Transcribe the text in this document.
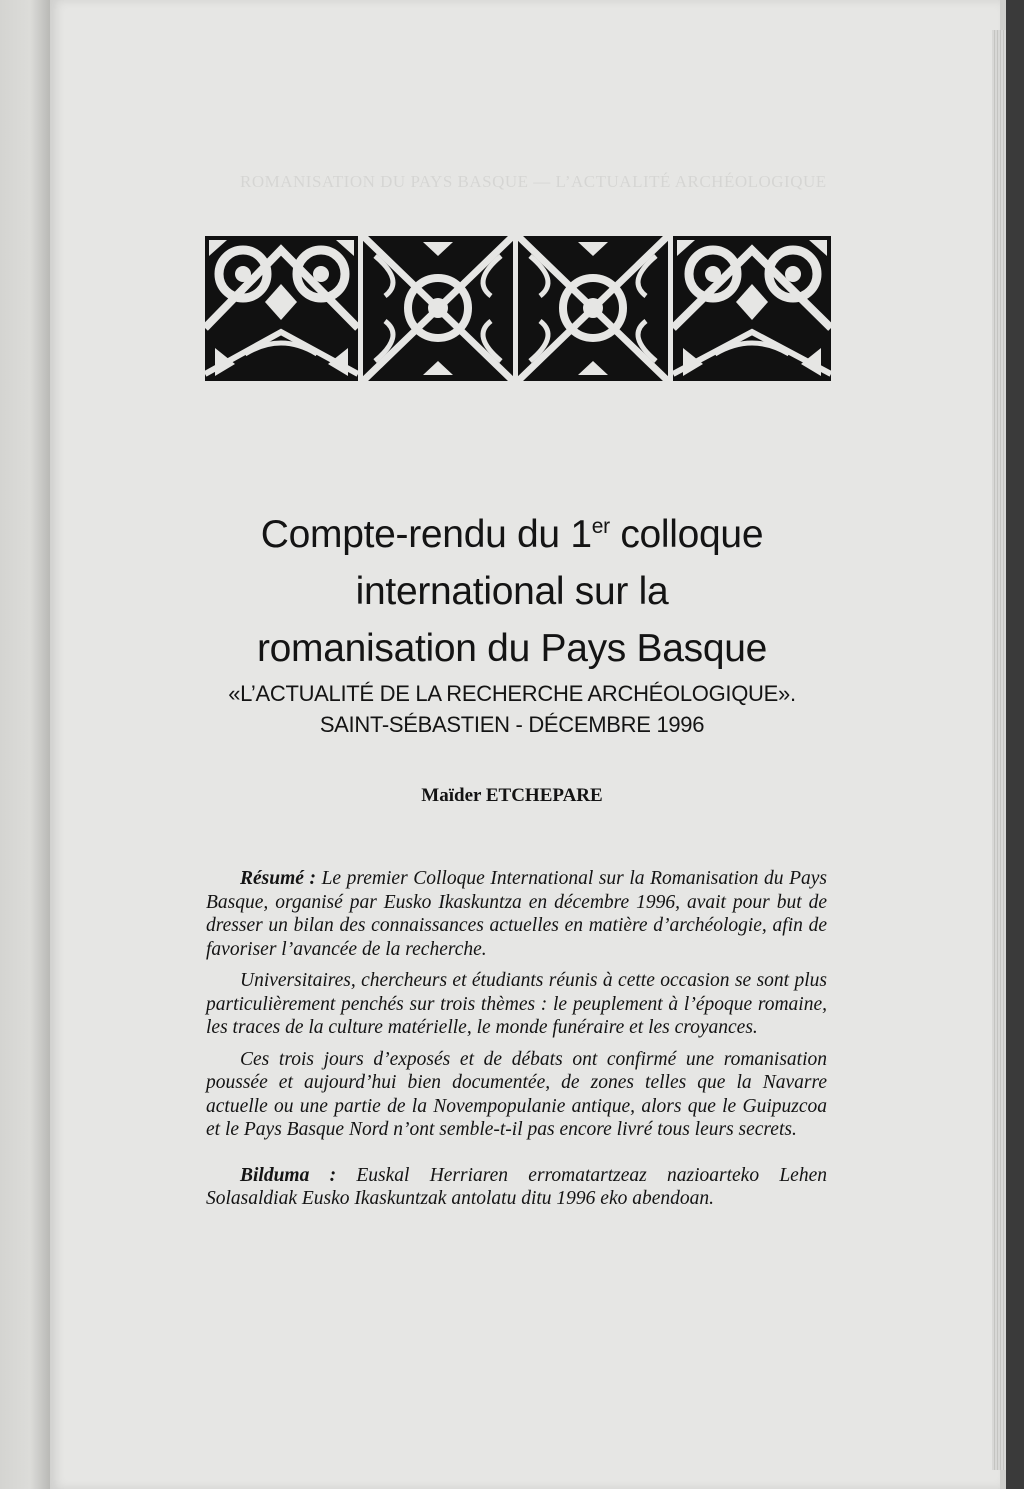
ROMANISATION DU PAYS BASQUE — L’ACTUALITÉ ARCHÉOLOGIQUE
Compte-rendu du 1er colloque
international sur la
romanisation du Pays Basque
«L’ACTUALITÉ DE LA RECHERCHE ARCHÉOLOGIQUE».
SAINT-SÉBASTIEN - DÉCEMBRE 1996
Maïder ETCHEPARE

Résumé : Le premier Colloque International sur la Romanisation du Pays Basque, organisé par Eusko Ikaskuntza en décembre 1996, avait pour but de dresser un bilan des connaissances actuelles en matière d’archéologie, afin de favoriser l’avancée de la recherche.

Universitaires, chercheurs et étudiants réunis à cette occasion se sont plus particulièrement penchés sur trois thèmes : le peuplement à l’époque romaine, les traces de la culture matérielle, le monde funéraire et les croyances.

Ces trois jours d’exposés et de débats ont confirmé une romanisation poussée et aujourd’hui bien documentée, de zones telles que la Navarre actuelle ou une partie de la Novempopulanie antique, alors que le Guipuzcoa et le Pays Basque Nord n’ont semble-t-il pas encore livré tous leurs secrets.

Bilduma : Euskal Herriaren erromatartzeaz nazioarteko Lehen Solasaldiak Eusko Ikaskuntzak antolatu ditu 1996 eko abendoan.
